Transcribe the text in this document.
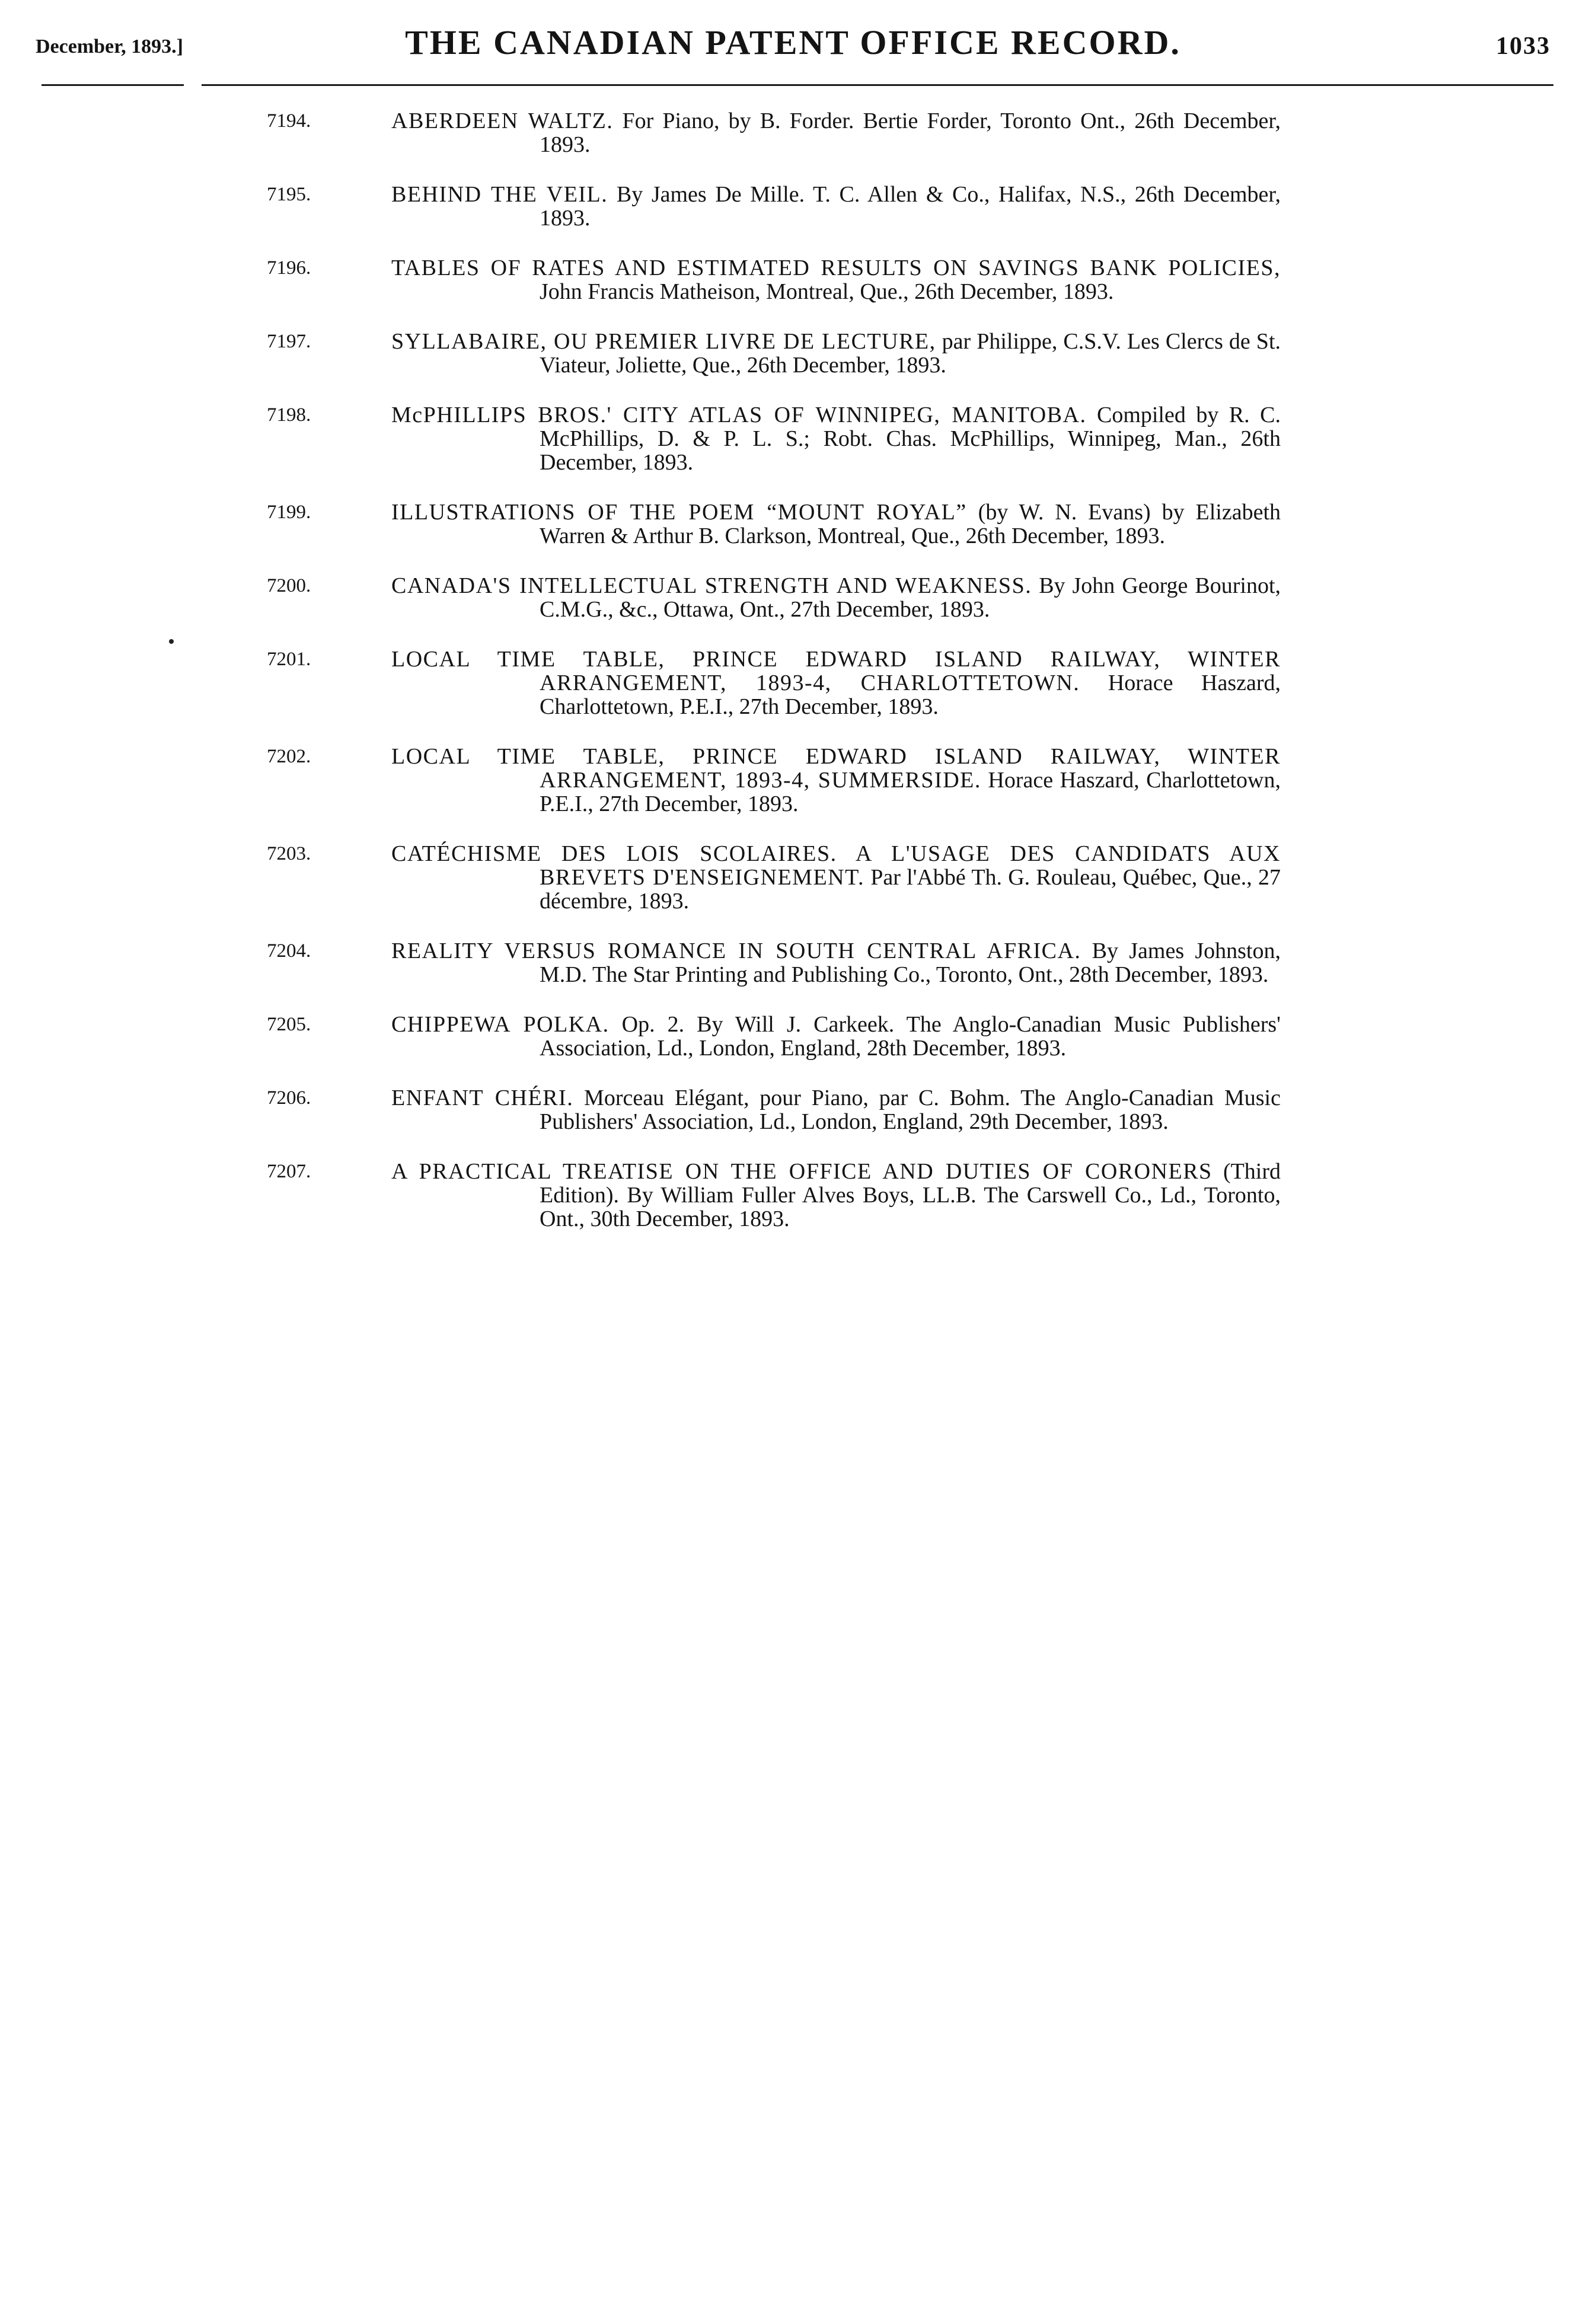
December, 1893.]	THE CANADIAN PATENT OFFICE RECORD.	1033
7194.	ABERDEEN WALTZ. For Piano, by B. Forder. Bertie Forder, Toronto Ont., 26th December, 1893.

7195.	BEHIND THE VEIL. By James De Mille. T. C. Allen & Co., Halifax, N.S., 26th December, 1893.

7196.	TABLES OF RATES AND ESTIMATED RESULTS ON SAVINGS BANK POLICIES, John Francis Matheison, Montreal, Que., 26th December, 1893.

7197.	SYLLABAIRE, OU PREMIER LIVRE DE LECTURE, par Philippe, C.S.V. Les Clercs de St. Viateur, Joliette, Que., 26th December, 1893.

7198.	McPHILLIPS BROS.' CITY ATLAS OF WINNIPEG, MANITOBA. Compiled by R. C. McPhillips, D. & P. L. S.; Robt. Chas. McPhillips, Winnipeg, Man., 26th December, 1893.

7199.	ILLUSTRATIONS OF THE POEM “MOUNT ROYAL” (by W. N. Evans) by Elizabeth Warren & Arthur B. Clarkson, Montreal, Que., 26th December, 1893.

7200.	CANADA'S INTELLECTUAL STRENGTH AND WEAKNESS. By John George Bourinot, C.M.G., &c., Ottawa, Ont., 27th December, 1893.

7201.	LOCAL TIME TABLE, PRINCE EDWARD ISLAND RAILWAY, WINTER ARRANGEMENT, 1893-4, CHARLOTTETOWN. Horace Haszard, Charlottetown, P.E.I., 27th December, 1893.

7202.	LOCAL TIME TABLE, PRINCE EDWARD ISLAND RAILWAY, WINTER ARRANGEMENT, 1893-4, SUMMERSIDE. Horace Haszard, Charlottetown, P.E.I., 27th December, 1893.

7203.	CATÉCHISME DES LOIS SCOLAIRES. A L'USAGE DES CANDIDATS AUX BREVETS D'ENSEIGNEMENT. Par l'Abbé Th. G. Rouleau, Québec, Que., 27 décembre, 1893.

7204.	REALITY VERSUS ROMANCE IN SOUTH CENTRAL AFRICA. By James Johnston, M.D. The Star Printing and Publishing Co., Toronto, Ont., 28th December, 1893.

7205.	CHIPPEWA POLKA. Op. 2. By Will J. Carkeek. The Anglo-Canadian Music Publishers' Association, Ld., London, England, 28th December, 1893.

7206.	ENFANT CHÉRI. Morceau Elégant, pour Piano, par C. Bohm. The Anglo-Canadian Music Publishers' Association, Ld., London, England, 29th December, 1893.

7207.	A PRACTICAL TREATISE ON THE OFFICE AND DUTIES OF CORONERS (Third Edition). By William Fuller Alves Boys, LL.B. The Carswell Co., Ld., Toronto, Ont., 30th December, 1893.
